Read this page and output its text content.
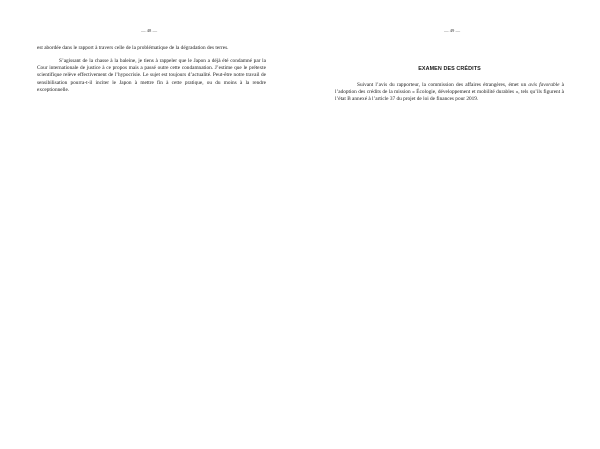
— 48 —

est abordée dans le rapport à travers celle de la problématique de la dégradation des terres.

S’agissant de la chasse à la baleine, je tiens à rappeler que le Japon a déjà été condamné par la Cour internationale de justice à ce propos mais a passé outre cette condamnation. J’estime que le prétexte scientifique relève effectivement de l’hypocrisie. Le sujet est toujours d’actualité. Peut-être notre travail de sensibilisation pourra-t-il inciter le Japon à mettre fin à cette pratique, ou du moins à la rendre exceptionnelle.

— 49 —
EXAMEN DES CRÉDITS

Suivant l’avis du rapporteur, la commission des affaires étrangères, émet un avis favorable à l’adoption des crédits de la mission « Écologie, développement et mobilité durables », tels qu’ils figurent à l’état B annexé à l’article 37 du projet de loi de finances pour 2019.
